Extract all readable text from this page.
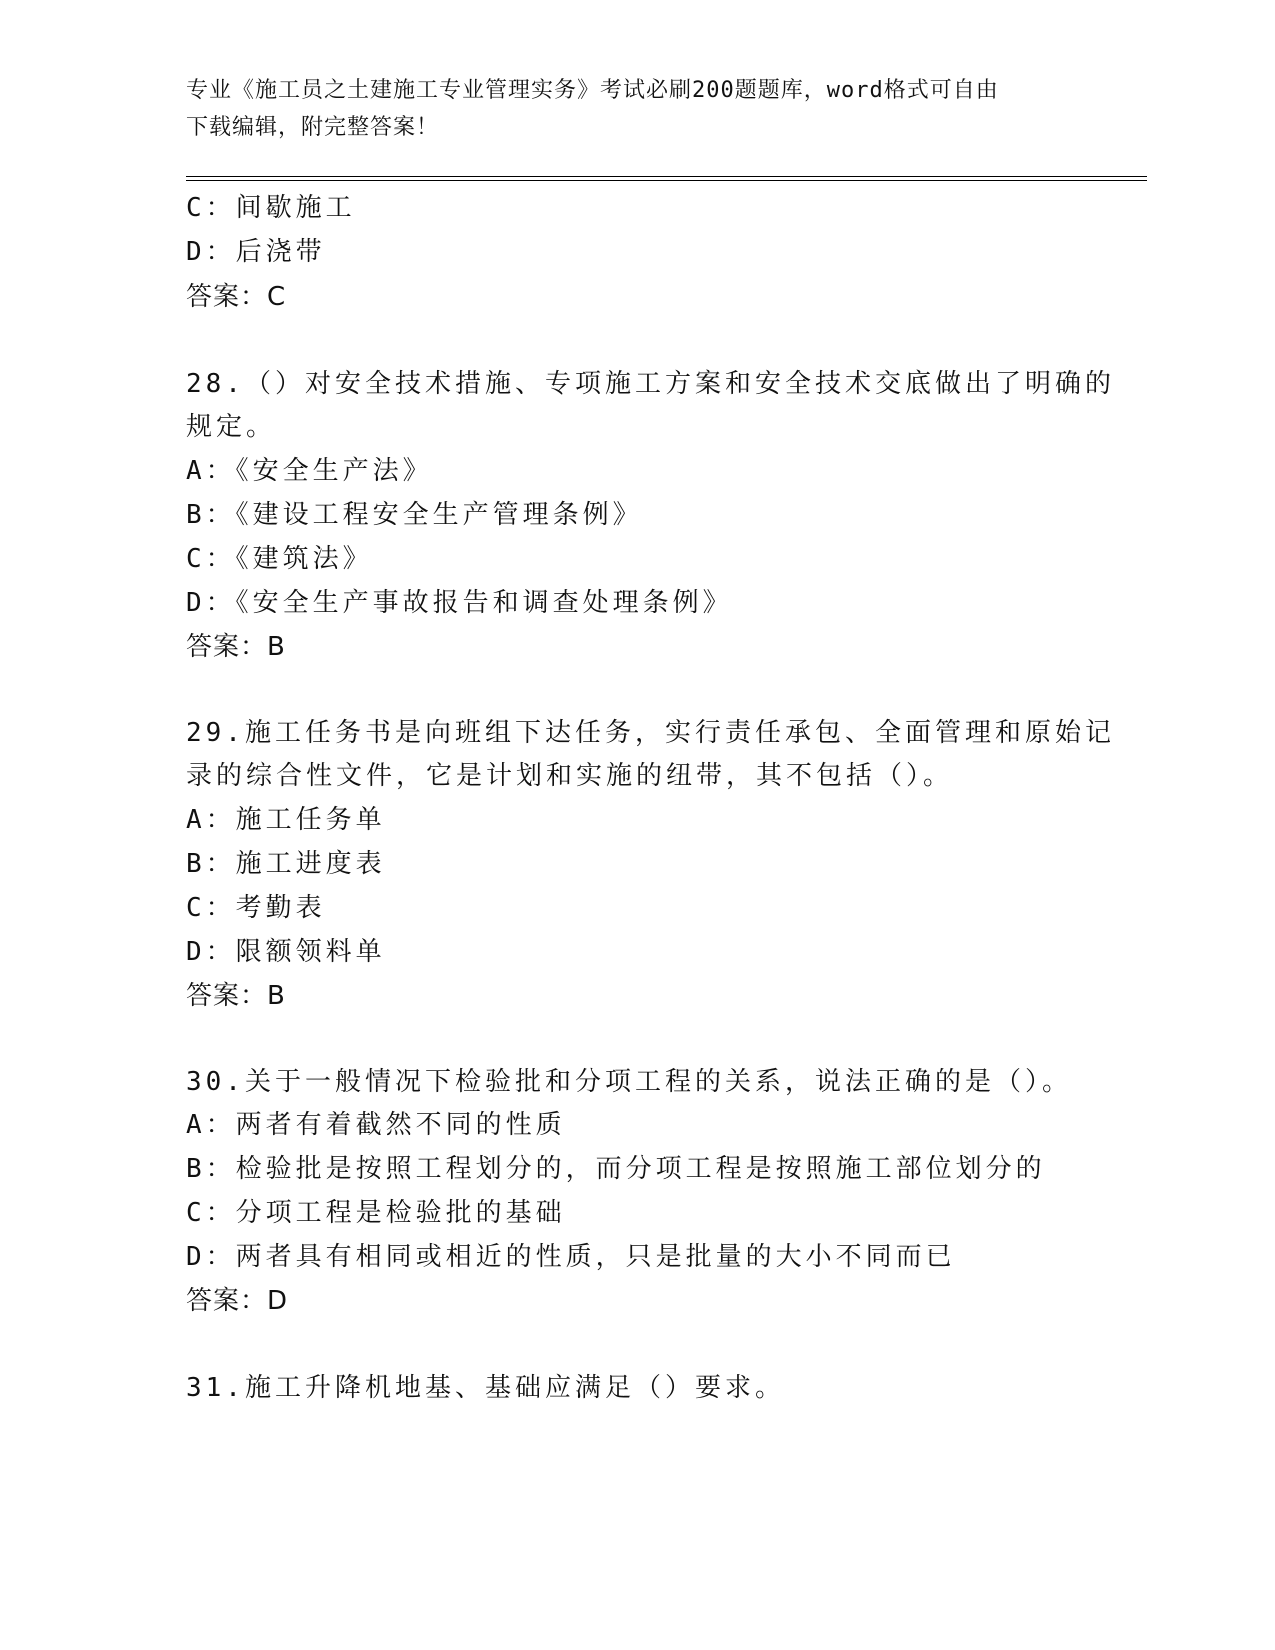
专业《施工员之土建施工专业管理实务》考试必刷200题题库，word格式可自由
下载编辑，附完整答案！
C：间歇施工
D：后浇带
答案：C
28.（）对安全技术措施、专项施工方案和安全技术交底做出了明确的
规定。
A：《安全生产法》
B：《建设工程安全生产管理条例》
C：《建筑法》
D：《安全生产事故报告和调查处理条例》
答案：B
29.施工任务书是向班组下达任务，实行责任承包、全面管理和原始记
录的综合性文件，它是计划和实施的纽带，其不包括（）。
A：施工任务单
B：施工进度表
C：考勤表
D：限额领料单
答案：B
30.关于一般情况下检验批和分项工程的关系，说法正确的是（）。
A：两者有着截然不同的性质
B：检验批是按照工程划分的，而分项工程是按照施工部位划分的
C：分项工程是检验批的基础
D：两者具有相同或相近的性质，只是批量的大小不同而已
答案：D
31.施工升降机地基、基础应满足（）要求。
